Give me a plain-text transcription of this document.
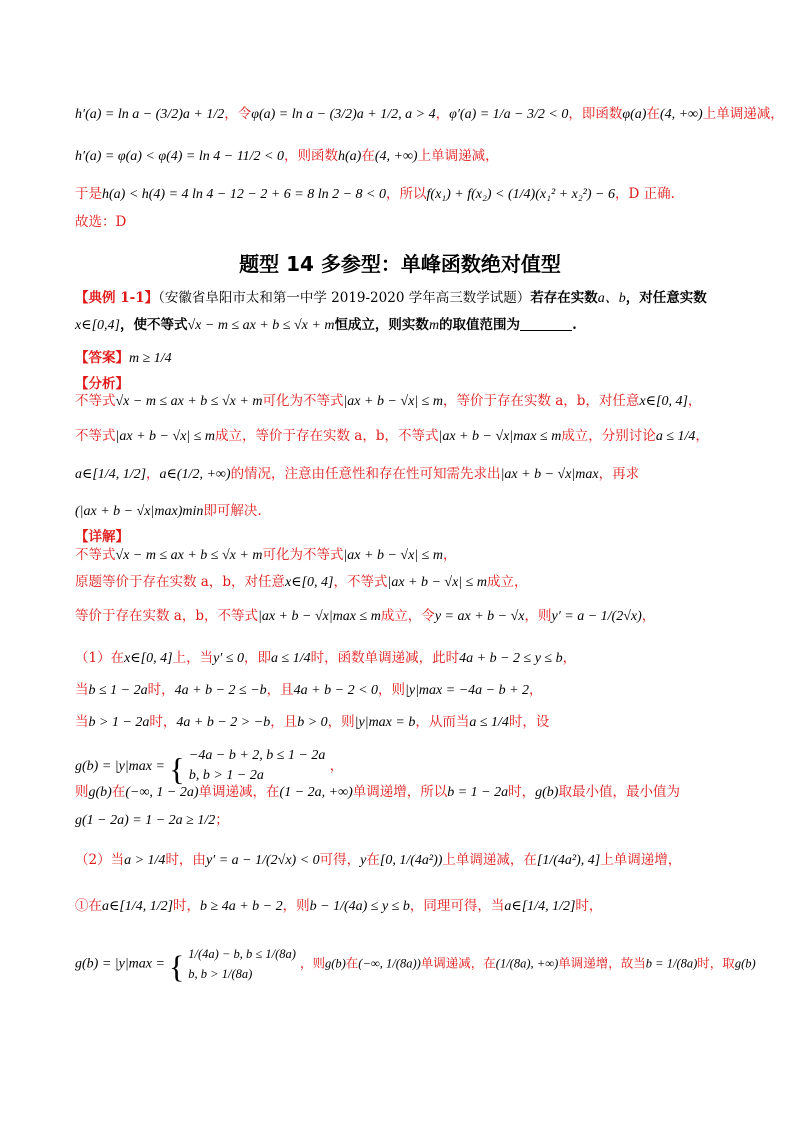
h′(a) = ln a − (3/2)a + 1/2，令φ(a) = ln a − (3/2)a + 1/2, a > 4，φ′(a) = 1/a − 3/2 < 0，即函数φ(a)在(4, +∞)上单调递减，
h′(a) = φ(a) < φ(4) = ln 4 − 11/2 < 0，则函数h(a)在(4, +∞)上单调递减，
于是h(a) < h(4) = 4 ln 4 − 12 − 2 + 6 = 8 ln 2 − 8 < 0，所以f(x₁) + f(x₂) < (1/4)(x₁² + x₂²) − 6，D 正确.
故选：D
题型 14 多参型：单峰函数绝对值型
【典例 1-1】（安徽省阜阳市太和第一中学 2019-2020 学年高三数学试题）若存在实数a、b，对任意实数
x∈[0,4]，使不等式√x − m ≤ ax + b ≤ √x + m恒成立，则实数m的取值范围为	.
【答案】m ≥ 1/4
【分析】
不等式√x − m ≤ ax + b ≤ √x + m可化为不等式|ax + b − √x| ≤ m，等价于存在实数 a，b，对任意x∈[0, 4]，
不等式|ax + b − √x| ≤ m成立，等价于存在实数 a，b，不等式|ax + b − √x|max ≤ m成立，分别讨论a ≤ 1/4，
a∈[1/4, 1/2]，a∈(1/2, +∞)的情况，注意由任意性和存在性可知需先求出|ax + b − √x|max，再求
(|ax + b − √x|max)min即可解决.
【详解】
不等式√x − m ≤ ax + b ≤ √x + m可化为不等式|ax + b − √x| ≤ m，
原题等价于存在实数 a，b，对任意x∈[0, 4]，不等式|ax + b − √x| ≤ m成立，
等价于存在实数 a，b，不等式|ax + b − √x|max ≤ m成立，令y = ax + b − √x，则y′ = a − 1/(2√x)，
（1）在x∈[0, 4]上，当y′ ≤ 0，即a ≤ 1/4时，函数单调递减，此时4a + b − 2 ≤ y ≤ b，
当b ≤ 1 − 2a时，4a + b − 2 ≤ −b，且4a + b − 2 < 0，则|y|max = −4a − b + 2，
当b > 1 − 2a时，4a + b − 2 > −b，且b > 0，则|y|max = b，从而当a ≤ 1/4时，设
g(b) = |y|max = { −4a − b + 2, b ≤ 1 − 2a
b, b > 1 − 2a
，
则g(b)在(−∞, 1 − 2a)单调递减，在(1 − 2a, +∞)单调递增，所以b = 1 − 2a时，g(b)取最小值，最小值为
g(1 − 2a) = 1 − 2a ≥ 1/2；
（2）当a > 1/4时，由y′ = a − 1/(2√x) < 0可得，y在[0, 1/(4a²))上单调递减，在[1/(4a²), 4]上单调递增，
①在a∈[1/4, 1/2]时，b ≥ 4a + b − 2，则b − 1/(4a) ≤ y ≤ b，同理可得，当a∈[1/4, 1/2]时，
g(b) = |y|max = { 1/(4a) − b, b ≤ 1/(8a)
b, b > 1/(8a)
，则g(b)在(−∞, 1/(8a))单调递减，在(1/(8a), +∞)单调递增，故当b = 1/(8a)时，取g(b)
